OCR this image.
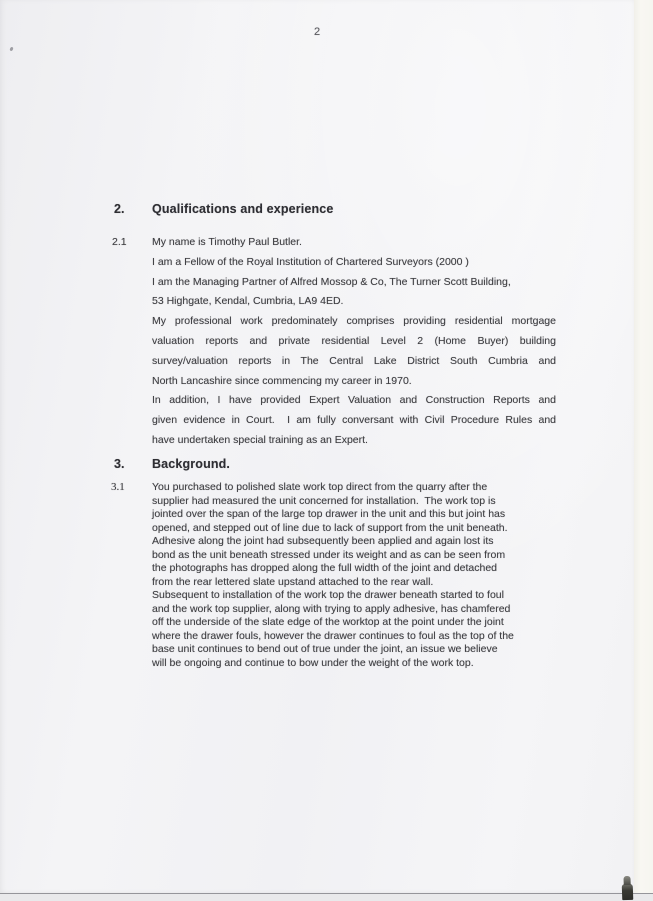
2
2. Qualifications and experience
2.1 My name is Timothy Paul Butler.
I am a Fellow of the Royal Institution of Chartered Surveyors (2000 )
I am the Managing Partner of Alfred Mossop & Co, The Turner Scott Building,
53 Highgate, Kendal, Cumbria, LA9 4ED.
My professional work predominately comprises providing residential mortgage
valuation reports and private residential Level 2 (Home Buyer) building
survey/valuation reports in The Central Lake District South Cumbria and
North Lancashire since commencing my career in 1970.
In addition, I have provided Expert Valuation and Construction Reports and
given evidence in Court.  I am fully conversant with Civil Procedure Rules and
have undertaken special training as an Expert.
3. Background.
3.1	You purchased to polished slate work top direct from the quarry after the
supplier had measured the unit concerned for installation.  The work top is
jointed over the span of the large top drawer in the unit and this but joint has
opened, and stepped out of line due to lack of support from the unit beneath.
Adhesive along the joint had subsequently been applied and again lost its
bond as the unit beneath stressed under its weight and as can be seen from
the photographs has dropped along the full width of the joint and detached
from the rear lettered slate upstand attached to the rear wall.
Subsequent to installation of the work top the drawer beneath started to foul
and the work top supplier, along with trying to apply adhesive, has chamfered
off the underside of the slate edge of the worktop at the point under the joint
where the drawer fouls, however the drawer continues to foul as the top of the
base unit continues to bend out of true under the joint, an issue we believe
will be ongoing and continue to bow under the weight of the work top.
